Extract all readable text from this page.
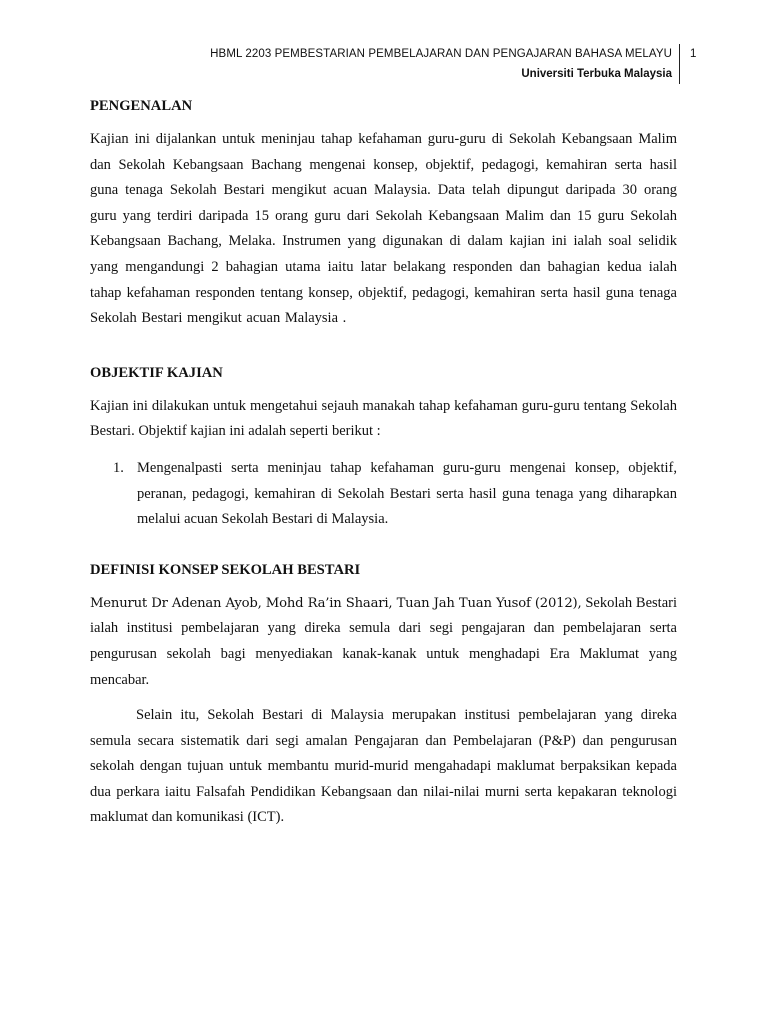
HBML 2203 PEMBESTARIAN PEMBELAJARAN DAN PENGAJARAN BAHASA MELAYU
Universiti Terbuka Malaysia
1
PENGENALAN

Kajian ini dijalankan untuk meninjau tahap kefahaman guru-guru di Sekolah Kebangsaan Malim dan Sekolah Kebangsaan Bachang mengenai konsep, objektif, pedagogi, kemahiran serta hasil guna tenaga Sekolah Bestari mengikut acuan Malaysia. Data telah dipungut daripada 30 orang guru yang terdiri daripada 15 orang guru dari Sekolah Kebangsaan Malim dan 15 guru Sekolah Kebangsaan Bachang, Melaka. Instrumen yang digunakan di dalam kajian ini ialah soal selidik yang mengandungi 2 bahagian utama iaitu latar belakang responden dan bahagian kedua ialah tahap kefahaman responden tentang konsep, objektif, pedagogi, kemahiran serta hasil guna tenaga Sekolah Bestari mengikut acuan Malaysia .

OBJEKTIF KAJIAN

Kajian ini dilakukan untuk mengetahui sejauh manakah tahap kefahaman guru-guru tentang Sekolah Bestari. Objektif kajian ini adalah seperti berikut :

1. Mengenalpasti serta meninjau tahap kefahaman guru-guru mengenai konsep, objektif, peranan, pedagogi, kemahiran di Sekolah Bestari serta hasil guna tenaga yang diharapkan melalui acuan Sekolah Bestari di Malaysia.
DEFINISI KONSEP SEKOLAH BESTARI

Menurut Dr Adenan Ayob, Mohd Ra’in Shaari, Tuan Jah Tuan Yusof (2012), Sekolah Bestari ialah institusi pembelajaran yang direka semula dari segi pengajaran dan pembelajaran serta pengurusan sekolah bagi menyediakan kanak-kanak untuk menghadapi Era Maklumat yang mencabar.

Selain itu, Sekolah Bestari di Malaysia merupakan institusi pembelajaran yang direka semula secara sistematik dari segi amalan Pengajaran dan Pembelajaran (P&P) dan pengurusan sekolah dengan tujuan untuk membantu murid-murid mengahadapi maklumat berpaksikan kepada dua perkara iaitu Falsafah Pendidikan Kebangsaan dan nilai-nilai murni serta kepakaran teknologi maklumat dan komunikasi (ICT).
